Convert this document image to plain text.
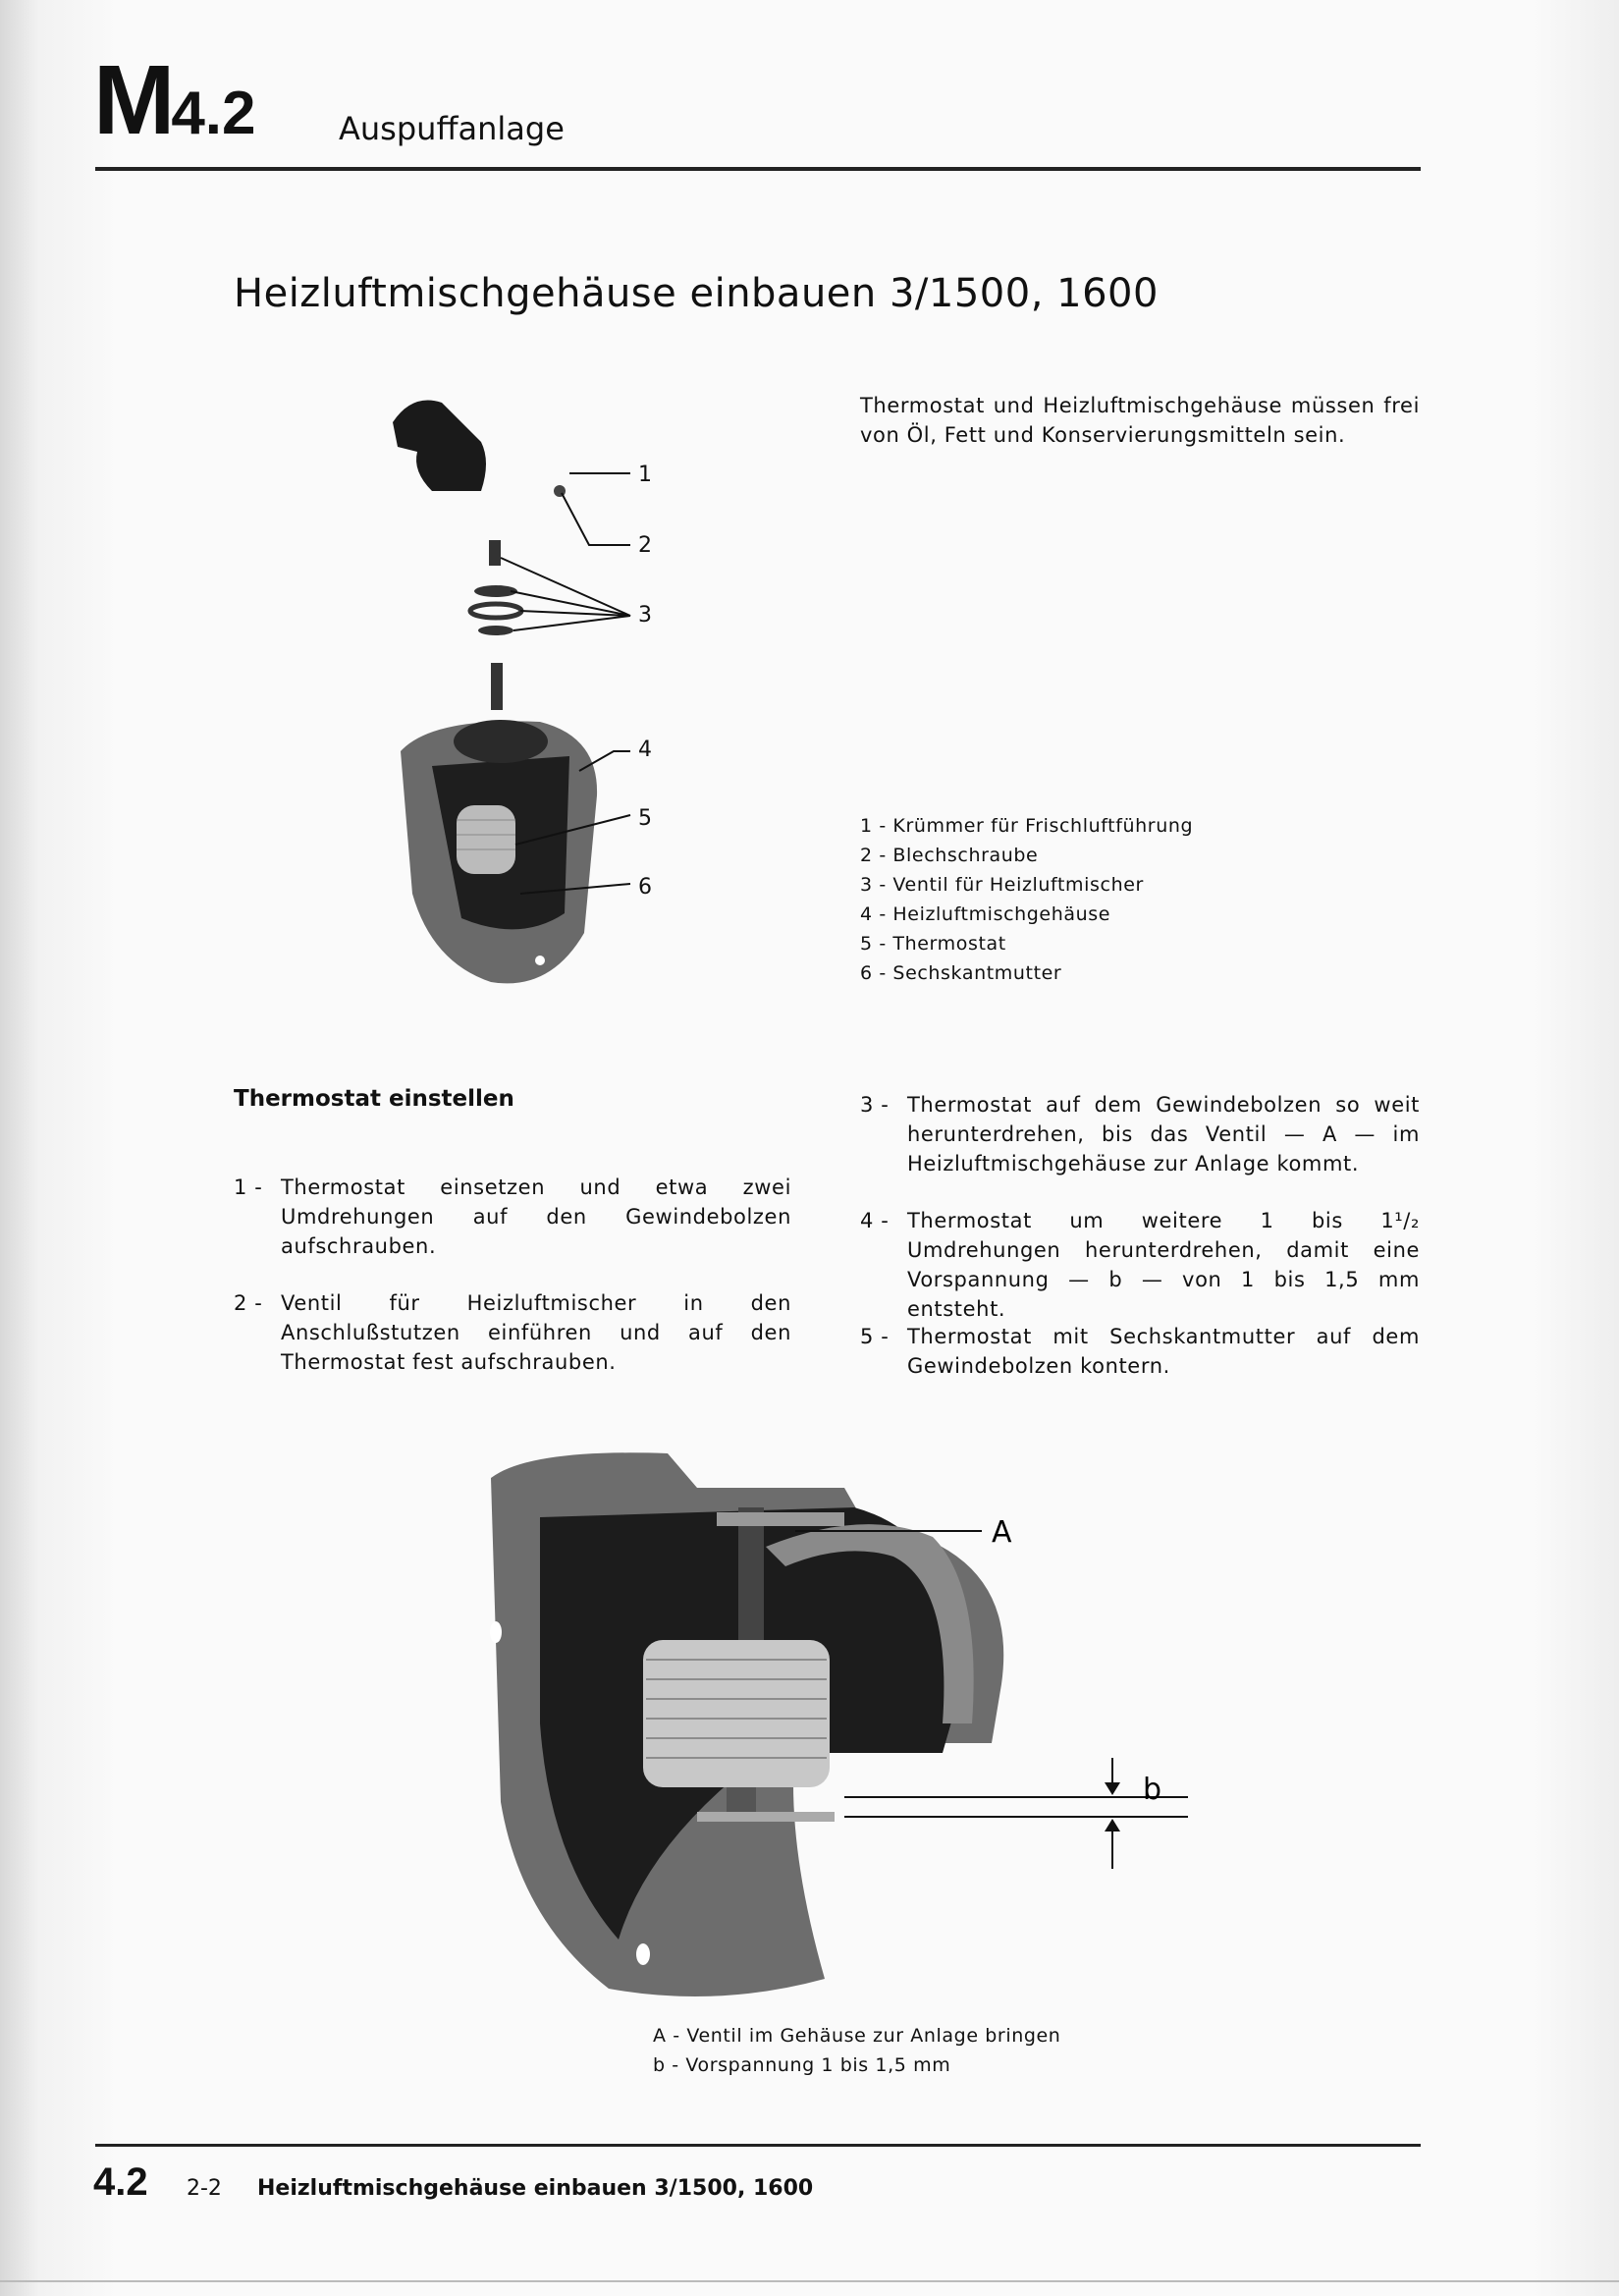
M4.2	Auspuffanlage
Heizluftmischgehäuse einbauen 3/1500, 1600
Thermostat und Heizluftmischgehäuse müssen frei von Öl, Fett und Konservierungsmitteln sein.
1
2
3
4
5
6
1 - Krümmer für Frischluftführung
2 - Blechschraube
3 - Ventil für Heizluftmischer
4 - Heizluftmischgehäuse
5 - Thermostat
6 - Sechskantmutter
Thermostat einstellen
1 - Thermostat einsetzen und etwa zwei Umdrehungen auf den Gewindebolzen aufschrauben.
2 - Ventil für Heizluftmischer in den Anschlußstutzen einführen und auf den Thermostat fest aufschrauben.
3 - Thermostat auf dem Gewindebolzen so weit herunterdrehen, bis das Ventil — A — im Heizluftmischgehäuse zur Anlage kommt.
4 - Thermostat um weitere 1 bis 1¹/₂ Umdrehungen herunterdrehen, damit eine Vorspannung — b — von 1 bis 1,5 mm entsteht.
5 - Thermostat mit Sechskantmutter auf dem Gewindebolzen kontern.
A
b
A - Ventil im Gehäuse zur Anlage bringen
b - Vorspannung 1 bis 1,5 mm
4.2 2-2 Heizluftmischgehäuse einbauen 3/1500, 1600
